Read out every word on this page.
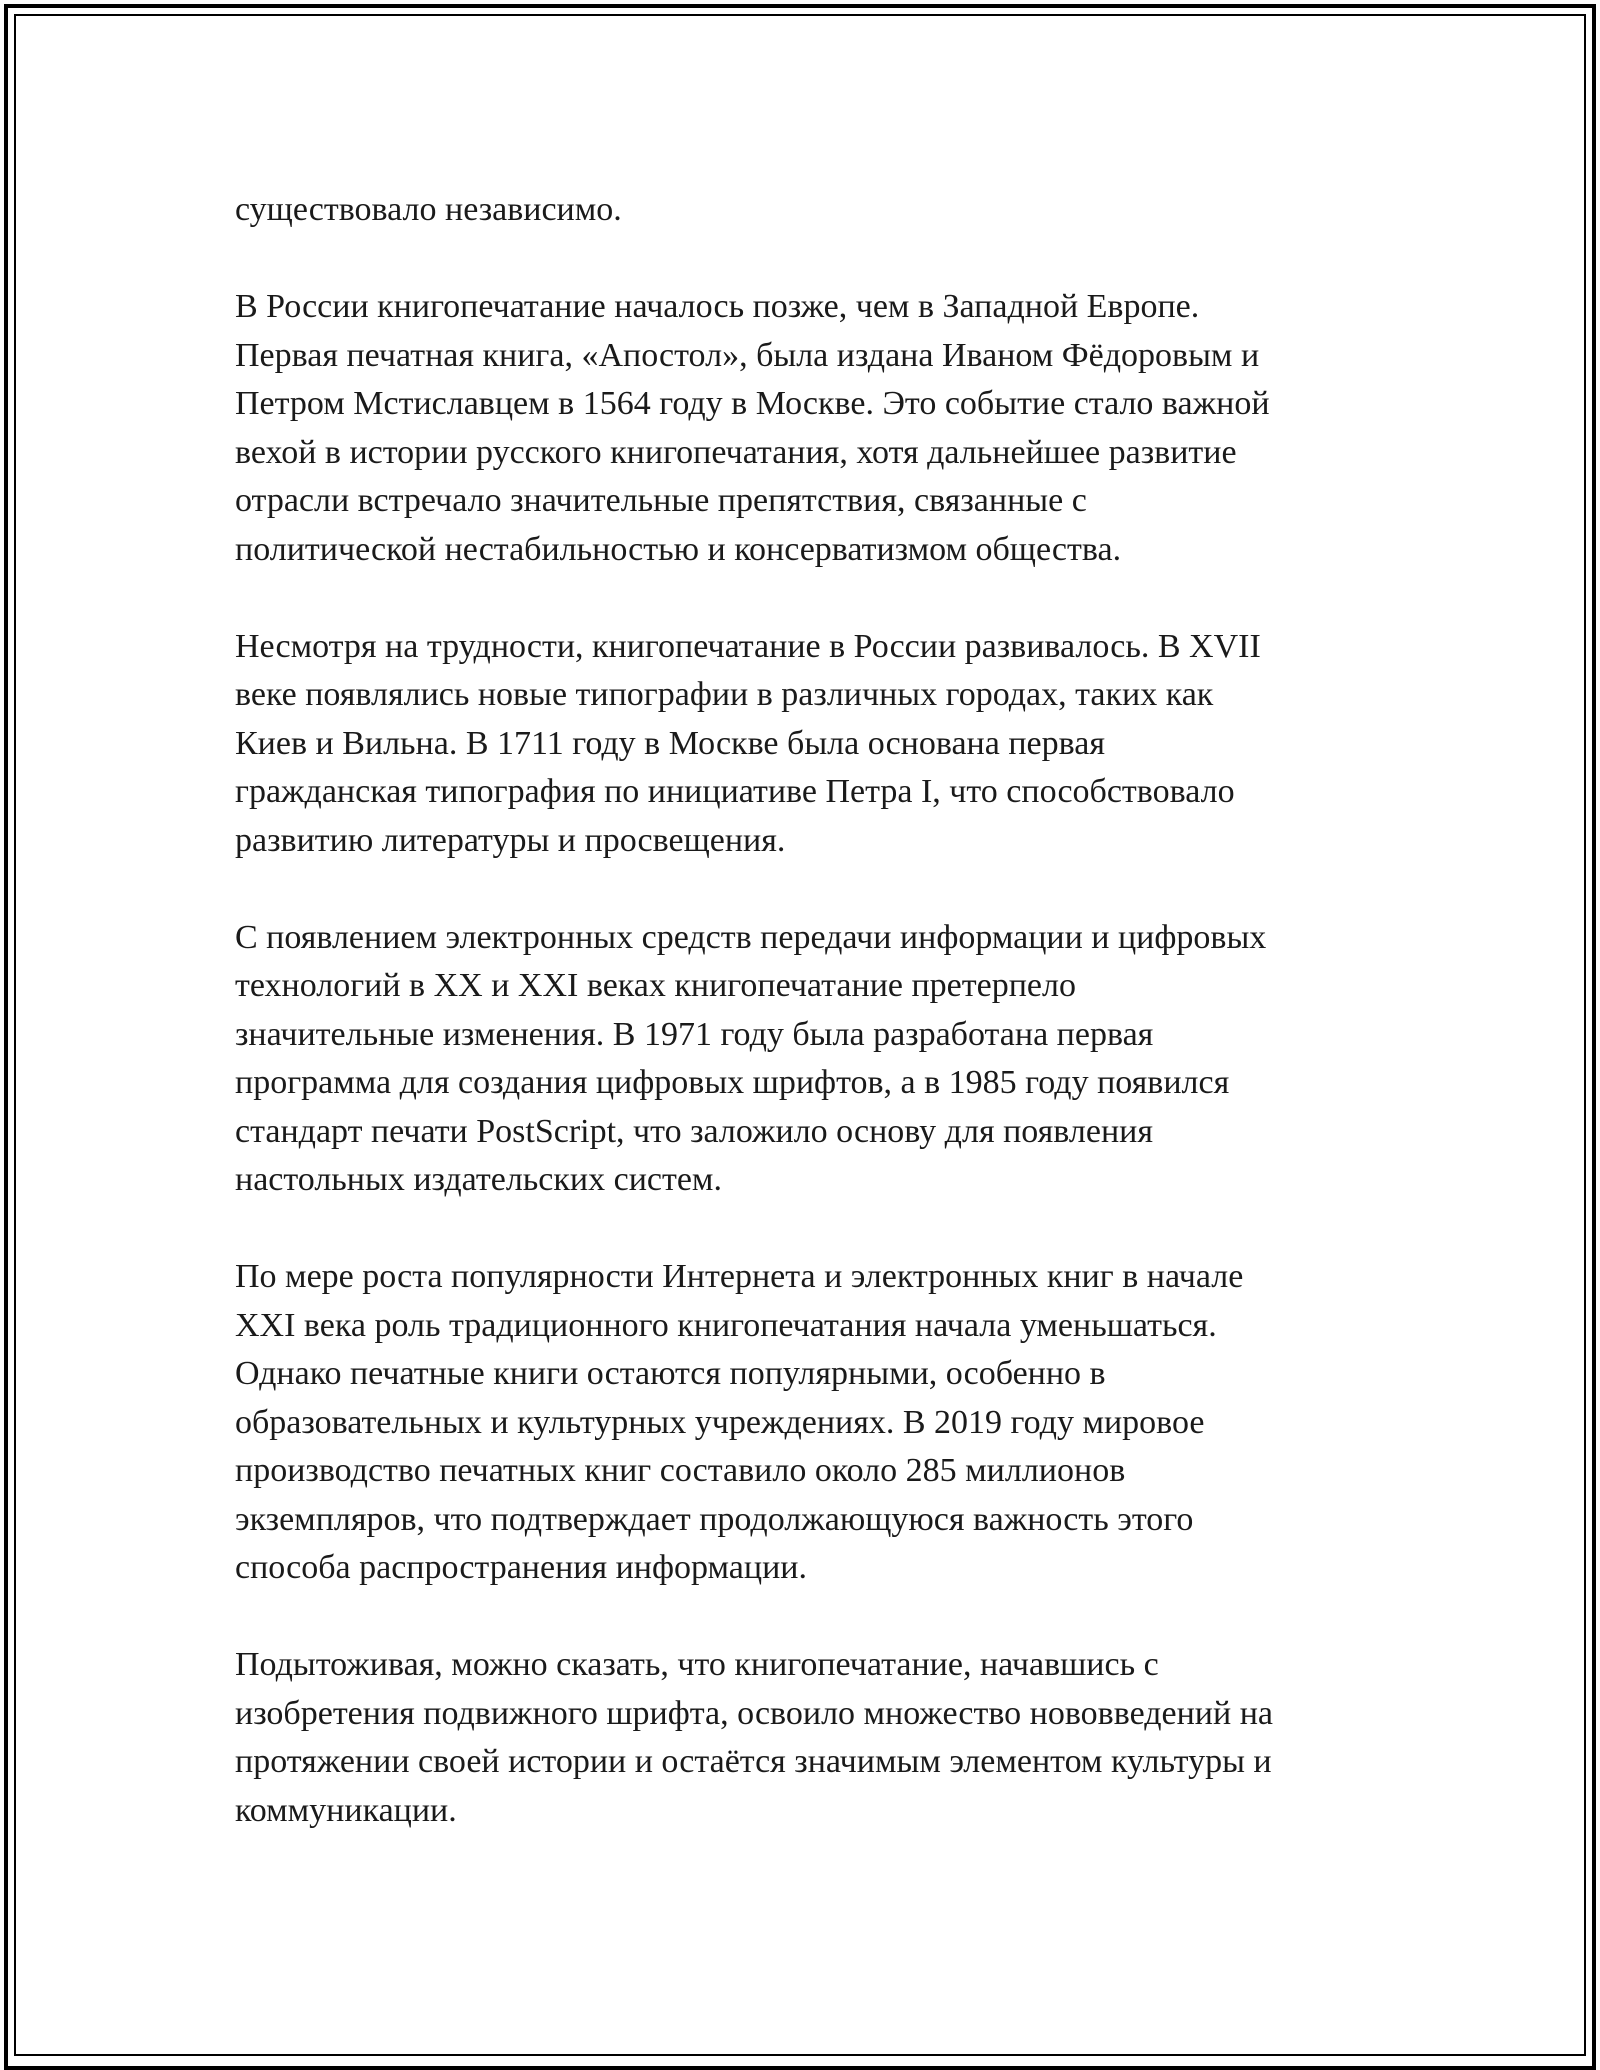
существовало независимо.

В России книгопечатание началось позже, чем в Западной Европе.
Первая печатная книга, «Апостол», была издана Иваном Фёдоровым и
Петром Мстиславцем в 1564 году в Москве. Это событие стало важной
вехой в истории русского книгопечатания, хотя дальнейшее развитие
отрасли встречало значительные препятствия, связанные с
политической нестабильностью и консерватизмом общества.

Несмотря на трудности, книгопечатание в России развивалось. В XVII
веке появлялись новые типографии в различных городах, таких как
Киев и Вильна. В 1711 году в Москве была основана первая
гражданская типография по инициативе Петра I, что способствовало
развитию литературы и просвещения.

С появлением электронных средств передачи информации и цифровых
технологий в XX и XXI веках книгопечатание претерпело
значительные изменения. В 1971 году была разработана первая
программа для создания цифровых шрифтов, а в 1985 году появился
стандарт печати PostScript, что заложило основу для появления
настольных издательских систем.

По мере роста популярности Интернета и электронных книг в начале
XXI века роль традиционного книгопечатания начала уменьшаться.
Однако печатные книги остаются популярными, особенно в
образовательных и культурных учреждениях. В 2019 году мировое
производство печатных книг составило около 285 миллионов
экземпляров, что подтверждает продолжающуюся важность этого
способа распространения информации.

Подытоживая, можно сказать, что книгопечатание, начавшись с
изобретения подвижного шрифта, освоило множество нововведений на
протяжении своей истории и остаётся значимым элементом культуры и
коммуникации.
